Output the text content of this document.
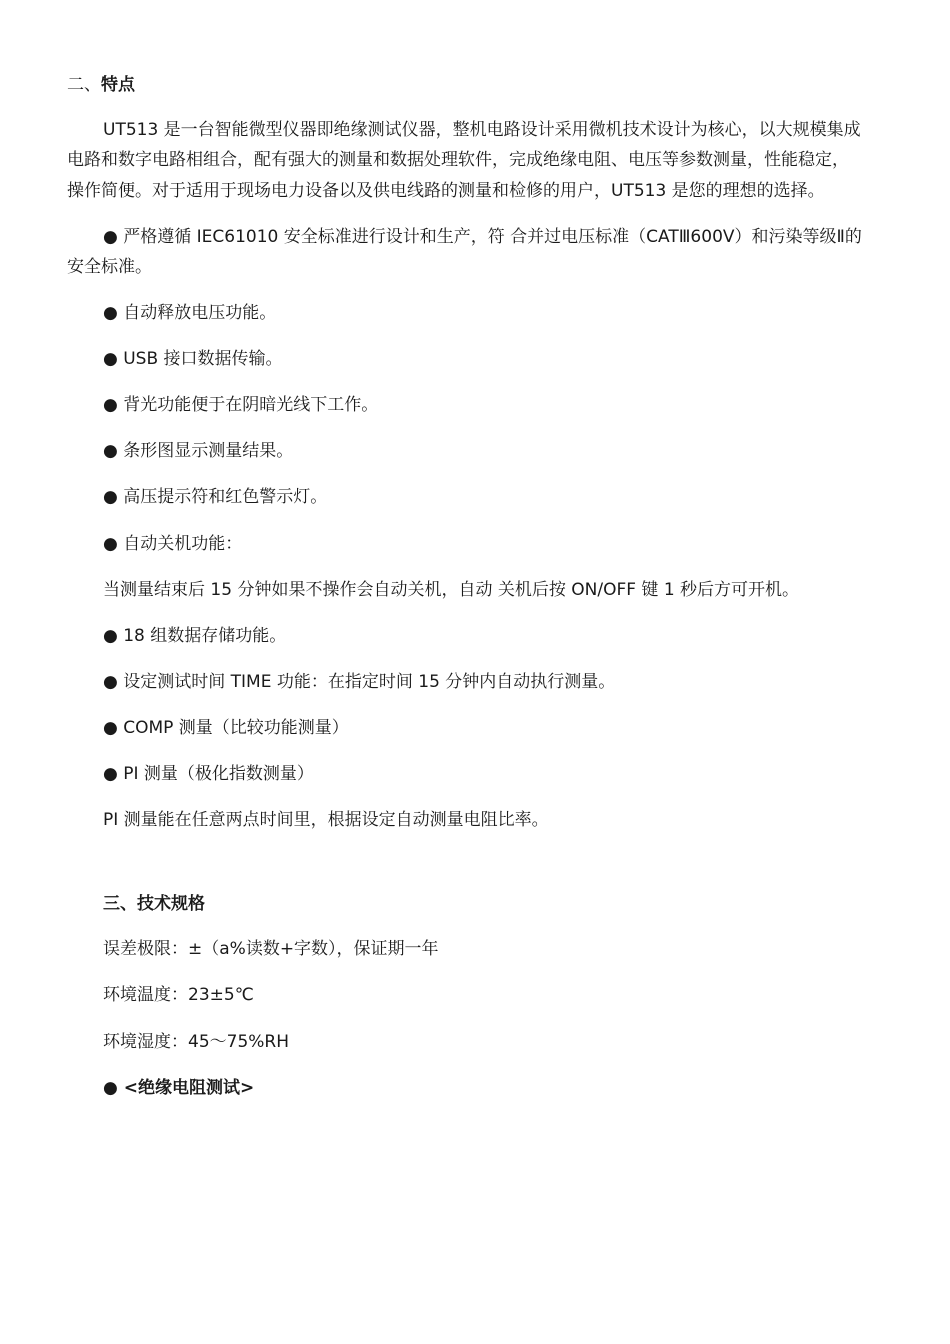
二、特点
UT513 是一台智能微型仪器即绝缘测试仪器，整机电路设计采用微机技术设计为核心，以大规模集成
电路和数字电路相组合，配有强大的测量和数据处理软件，完成绝缘电阻、电压等参数测量，性能稳定，
操作简便。对于适用于现场电力设备以及供电线路的测量和检修的用户，UT513 是您的理想的选择。
● 严格遵循 IEC61010 安全标准进行设计和生产，符 合并过电压标准（CATⅢ600V）和污染等级Ⅱ的
安全标准。
● 自动释放电压功能。
● USB 接口数据传输。
● 背光功能便于在阴暗光线下工作。
● 条形图显示测量结果。
● 高压提示符和红色警示灯。
● 自动关机功能：
当测量结束后 15 分钟如果不操作会自动关机，自动 关机后按 ON/OFF 键 1 秒后方可开机。
● 18 组数据存储功能。
● 设定测试时间 TIME 功能：在指定时间 15 分钟内自动执行测量。
● COMP 测量（比较功能测量）
● PI 测量（极化指数测量）
PI 测量能在任意两点时间里，根据设定自动测量电阻比率。
三、技术规格
误差极限：±（a%读数+字数），保证期一年
环境温度：23±5℃
环境湿度：45～75%RH
● <绝缘电阻测试>
